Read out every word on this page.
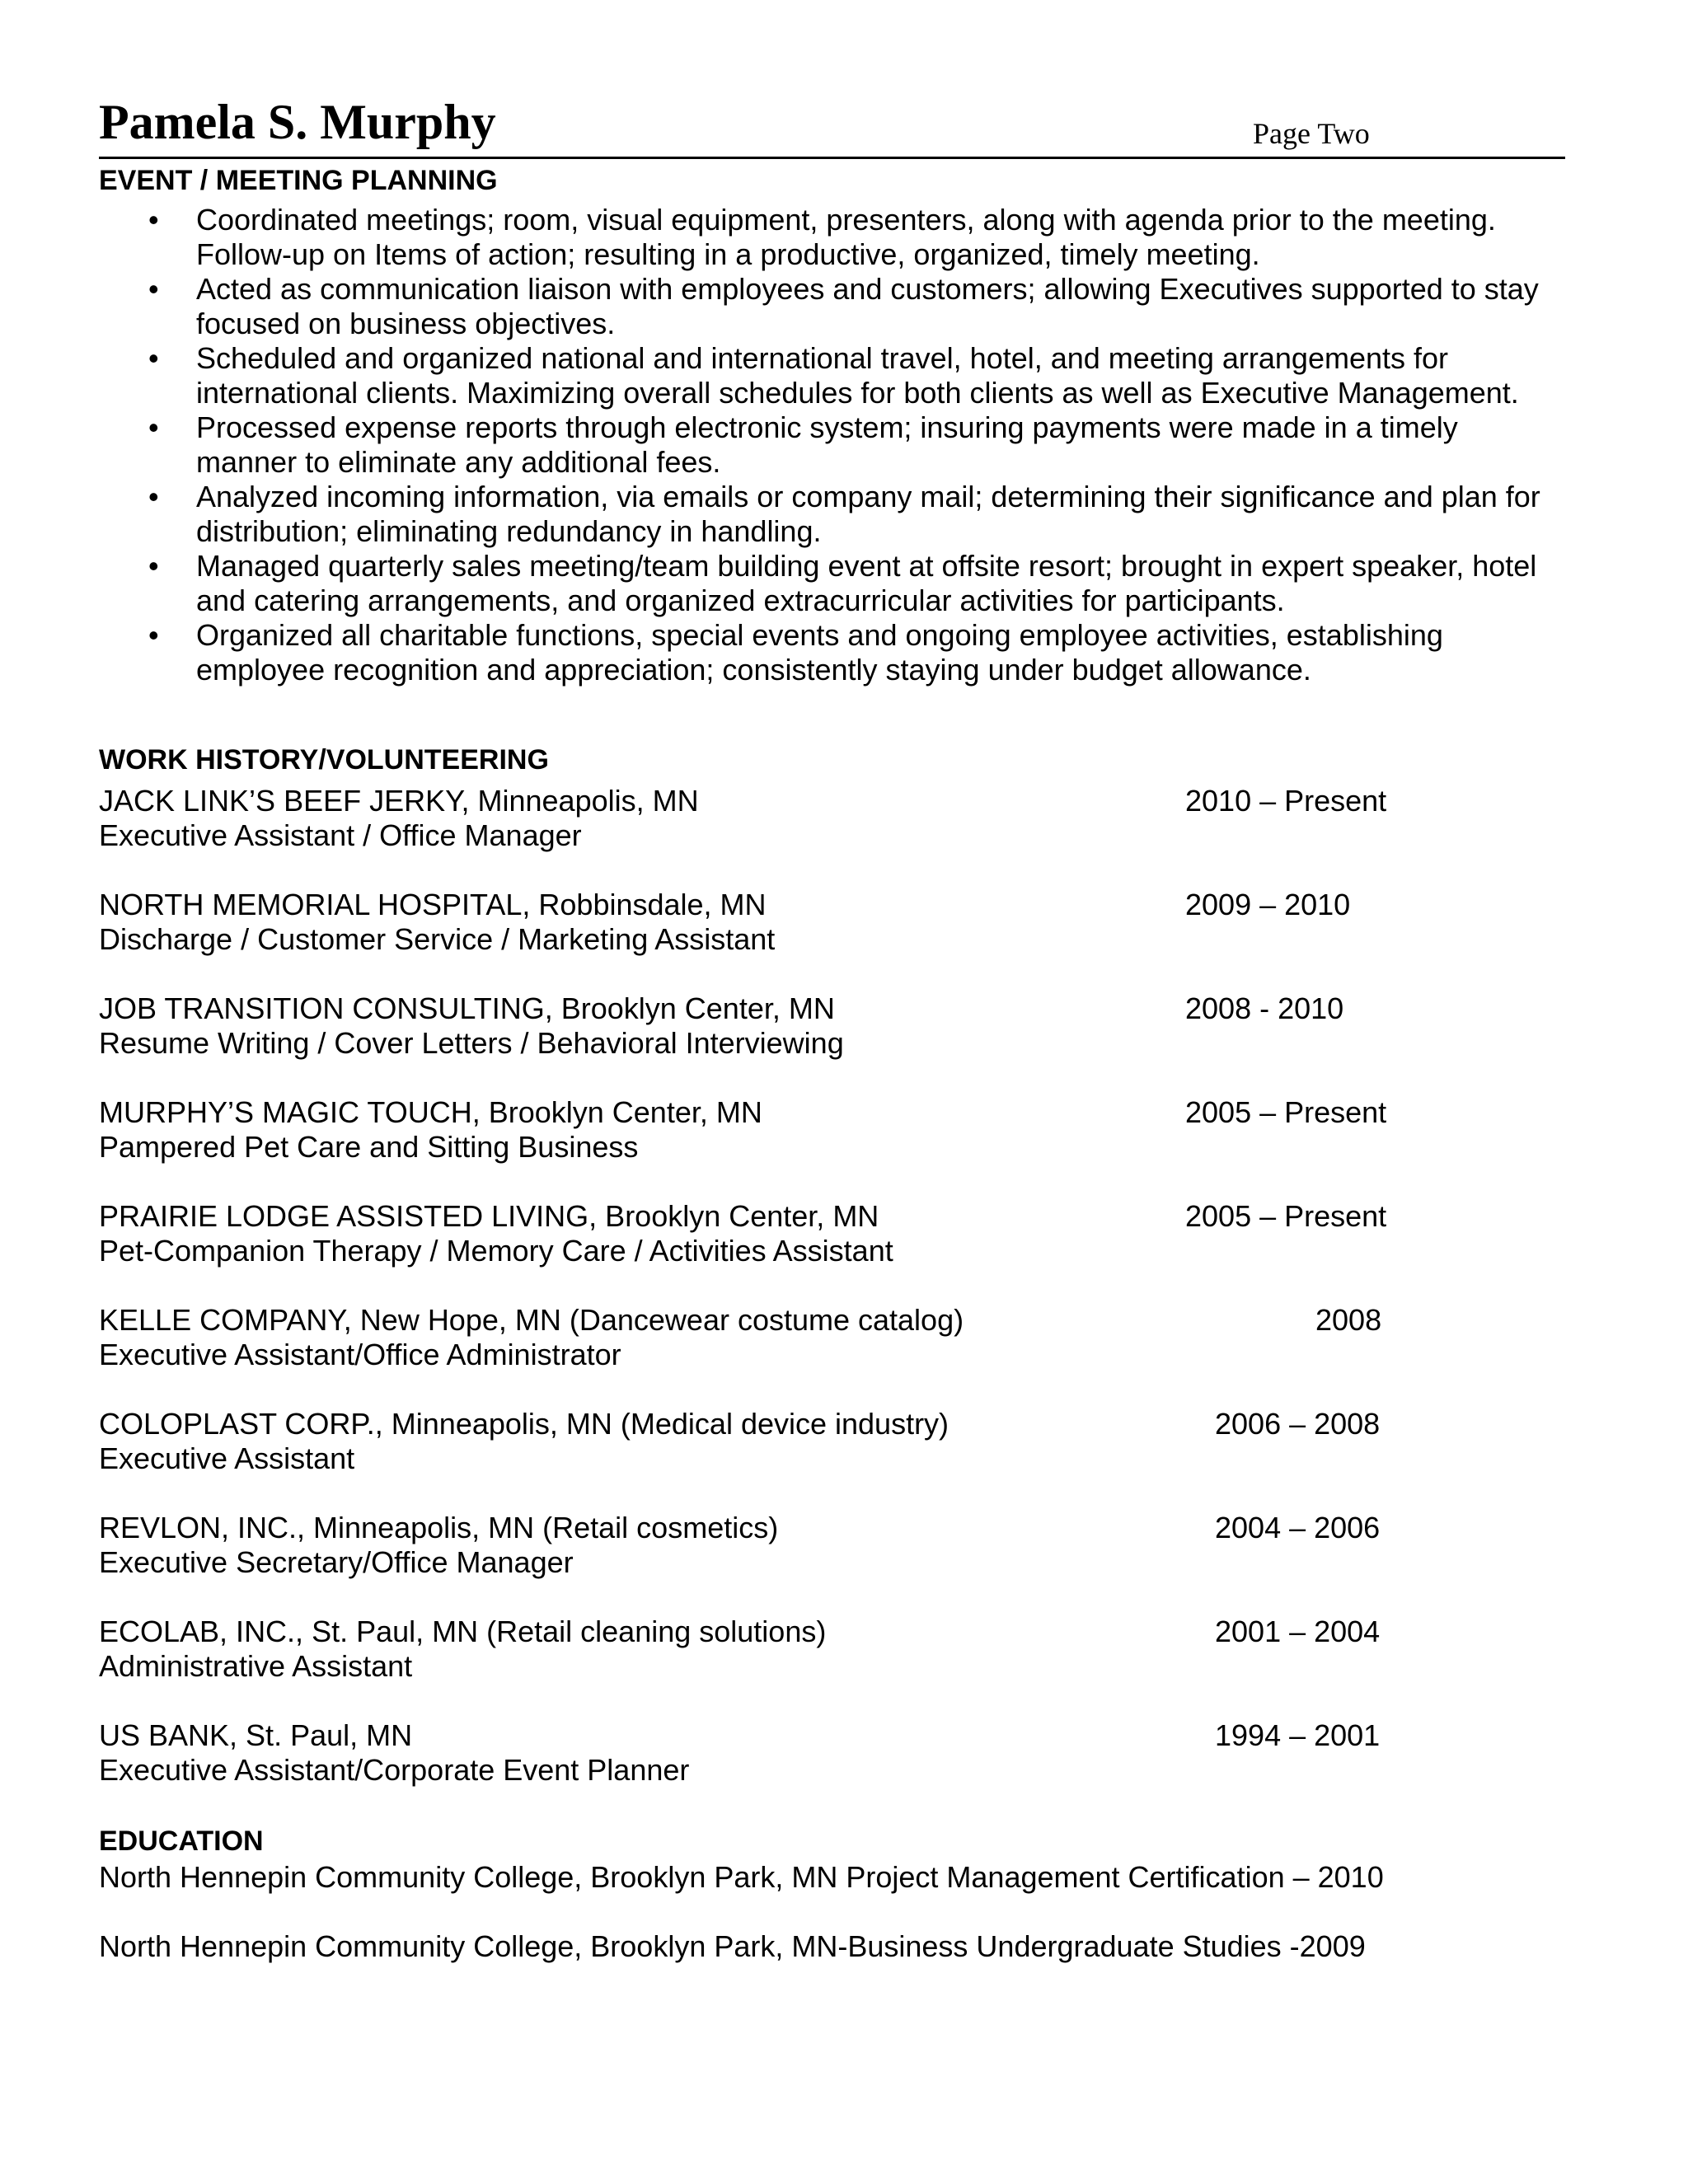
Pamela S. Murphy	Page Two
EVENT / MEETING PLANNING
• Coordinated meetings; room, visual equipment, presenters, along with agenda prior to the meeting.
Follow-up on Items of action; resulting in a productive, organized, timely meeting.
• Acted as communication liaison with employees and customers; allowing Executives supported to stay
focused on business objectives.
• Scheduled and organized national and international travel, hotel, and meeting arrangements for
international clients. Maximizing overall schedules for both clients as well as Executive Management.
• Processed expense reports through electronic system; insuring payments were made in a timely
manner to eliminate any additional fees.
• Analyzed incoming information, via emails or company mail; determining their significance and plan for
distribution; eliminating redundancy in handling.
• Managed quarterly sales meeting/team building event at offsite resort; brought in expert speaker, hotel
and catering arrangements, and organized extracurricular activities for participants.
• Organized all charitable functions, special events and ongoing employee activities, establishing
employee recognition and appreciation; consistently staying under budget allowance.
WORK HISTORY/VOLUNTEERING
JACK LINK’S BEEF JERKY, Minneapolis, MN
Executive Assistant / Office Manager
2010 – Present
NORTH MEMORIAL HOSPITAL, Robbinsdale, MN
Discharge / Customer Service / Marketing Assistant
2009 – 2010
JOB TRANSITION CONSULTING, Brooklyn Center, MN
Resume Writing / Cover Letters / Behavioral Interviewing
2008 - 2010
MURPHY’S MAGIC TOUCH, Brooklyn Center, MN
Pampered Pet Care and Sitting Business
2005 – Present
PRAIRIE LODGE ASSISTED LIVING, Brooklyn Center, MN
Pet-Companion Therapy / Memory Care / Activities Assistant
2005 – Present
KELLE COMPANY, New Hope, MN (Dancewear costume catalog)
Executive Assistant/Office Administrator
2008
COLOPLAST CORP., Minneapolis, MN (Medical device industry)
Executive Assistant
2006 – 2008
REVLON, INC., Minneapolis, MN (Retail cosmetics)
Executive Secretary/Office Manager
2004 – 2006
ECOLAB, INC., St. Paul, MN (Retail cleaning solutions)
Administrative Assistant
2001 – 2004
US BANK, St. Paul, MN
Executive Assistant/Corporate Event Planner
1994 – 2001
EDUCATION
North Hennepin Community College, Brooklyn Park, MN Project Management Certification – 2010
North Hennepin Community College, Brooklyn Park, MN-Business Undergraduate Studies -2009
